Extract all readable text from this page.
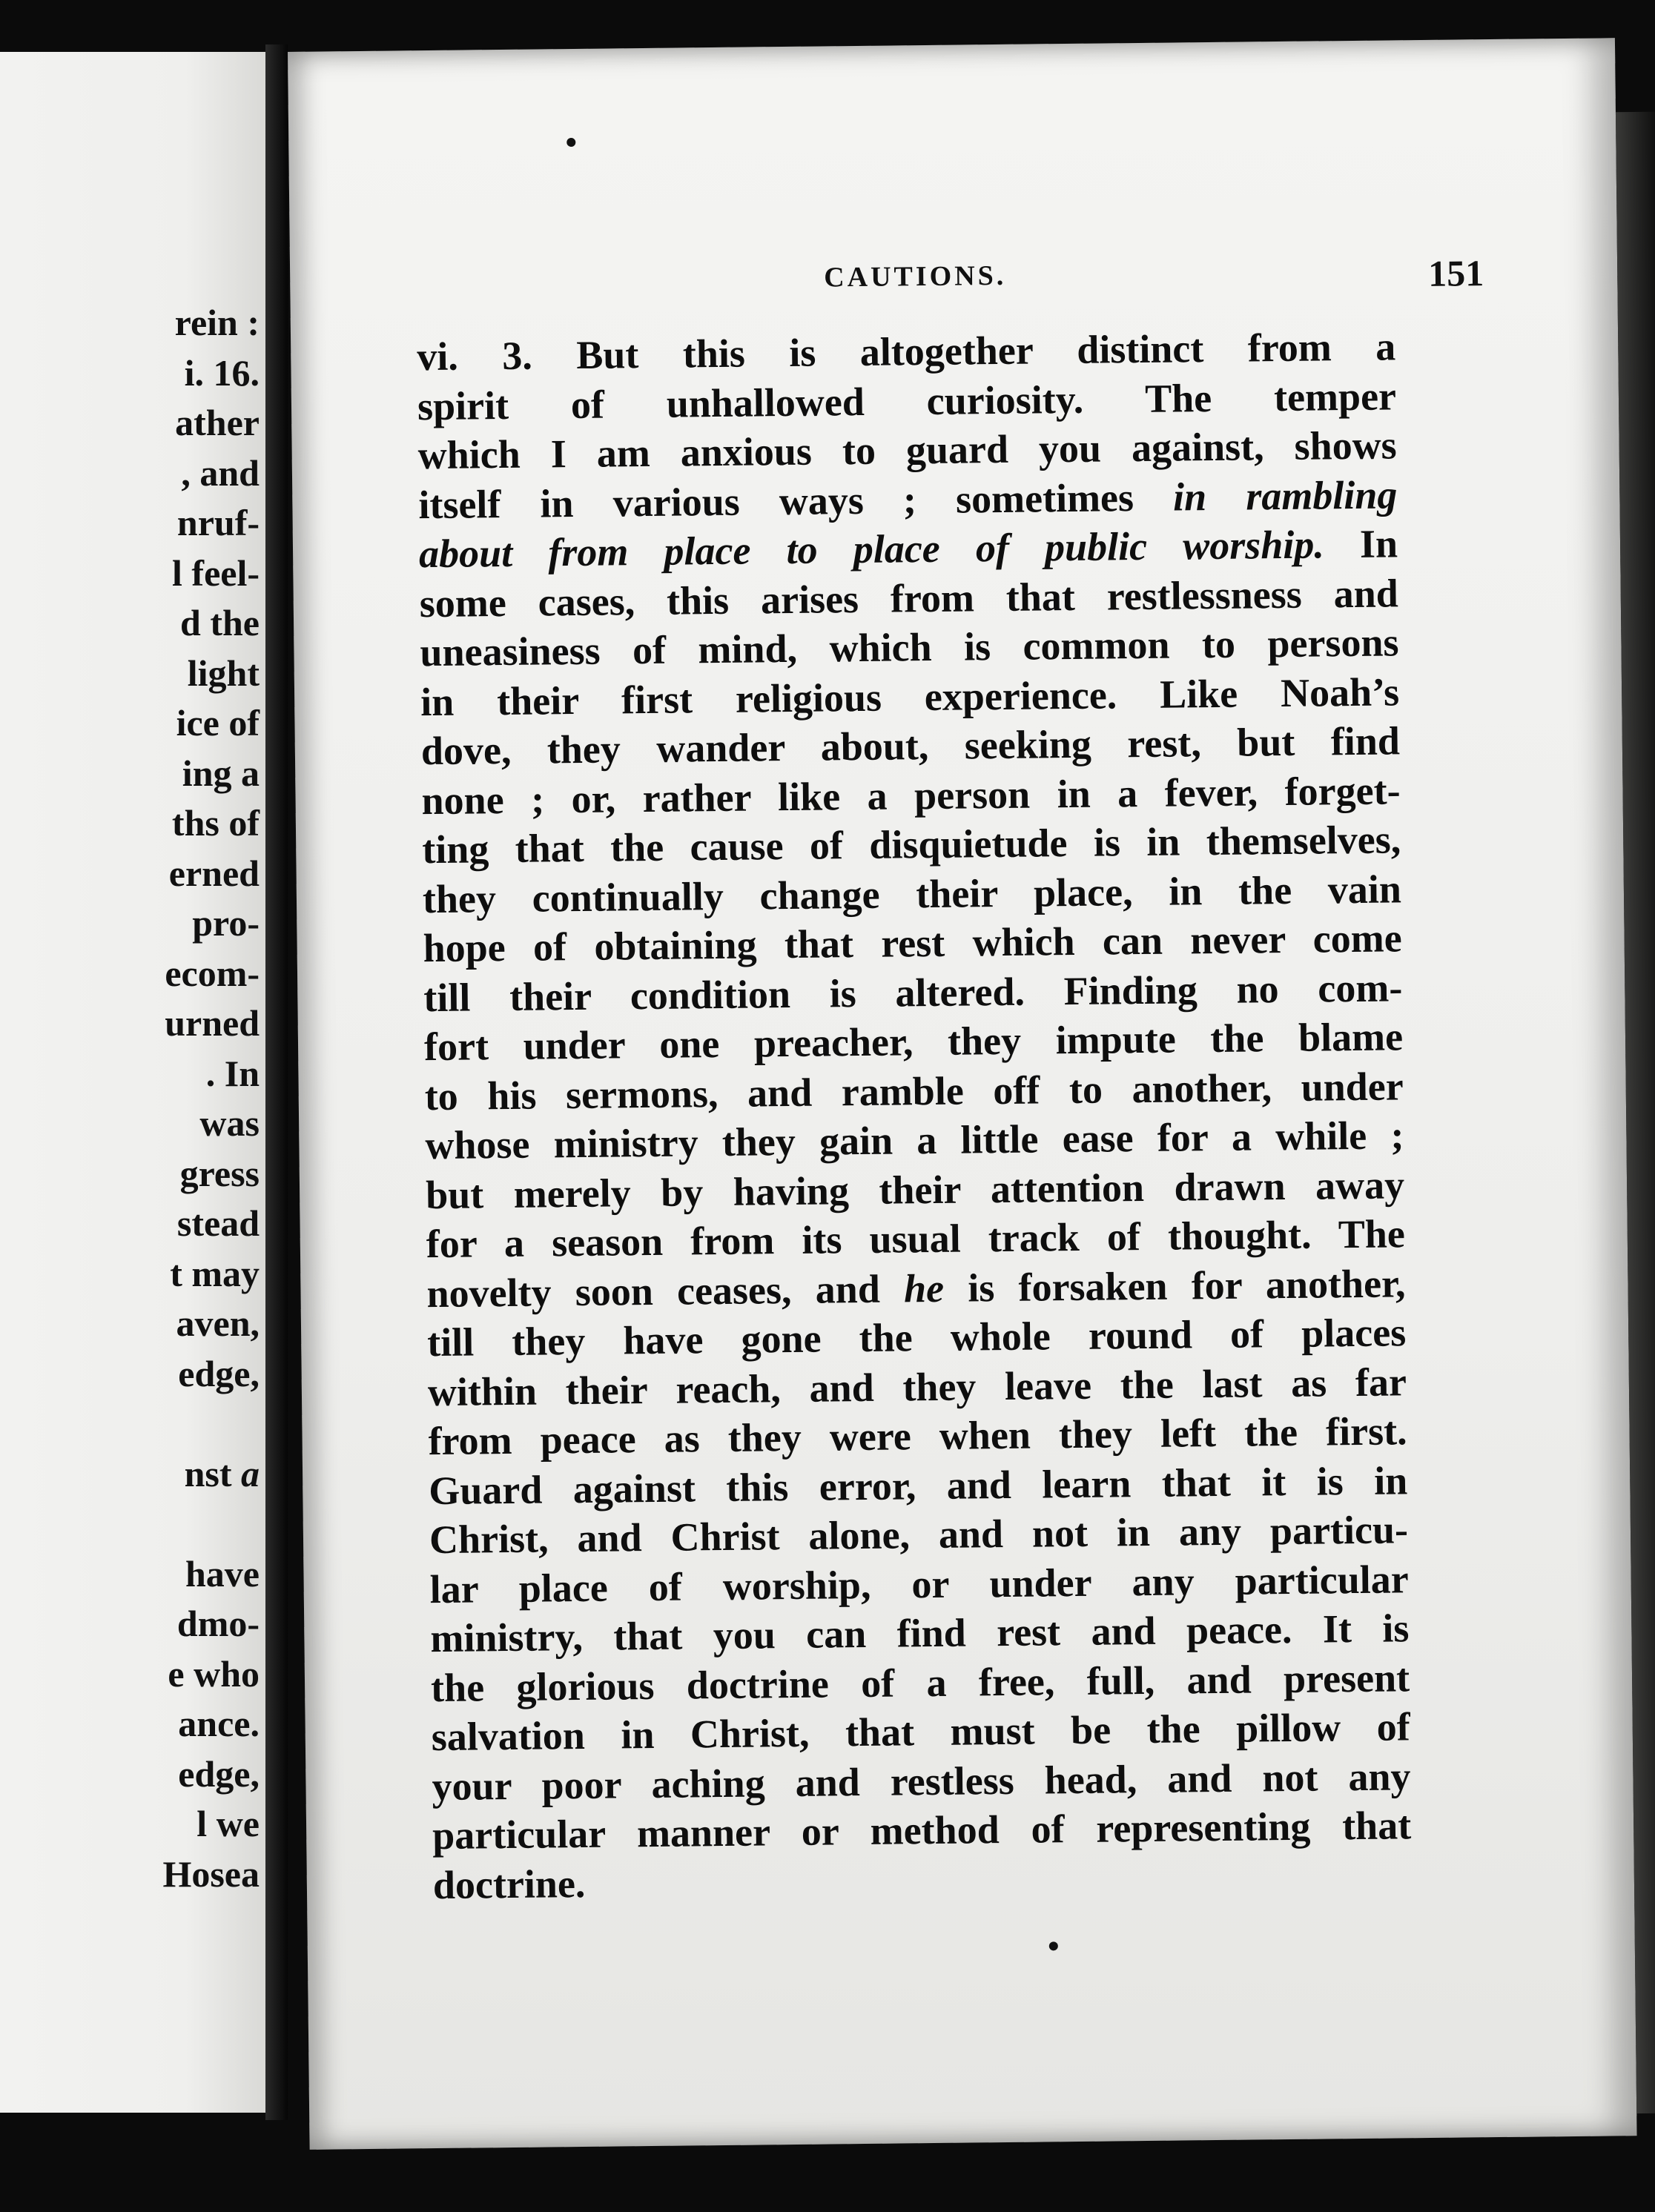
rein :
i. 16.
ather
, and
nruf-
l feel-
d the
light
ice of
ing a
ths of
erned
pro-
ecom-
urned
. In
was
gress
stead
t may
aven,
edge,
nst a
have
dmo-
e who
ance.
edge,
l we
Hosea
CAUTIONS.	151
vi. 3. But this is altogether distinct from a
spirit of unhallowed curiosity. The temper
which I am anxious to guard you against, shows
itself in various ways ; sometimes in rambling
about from place to place of public worship. In
some cases, this arises from that restlessness and
uneasiness of mind, which is common to persons
in their first religious experience. Like Noah’s
dove, they wander about, seeking rest, but find
none ; or, rather like a person in a fever, forget-
ting that the cause of disquietude is in themselves,
they continually change their place, in the vain
hope of obtaining that rest which can never come
till their condition is altered. Finding no com-
fort under one preacher, they impute the blame
to his sermons, and ramble off to another, under
whose ministry they gain a little ease for a while ;
but merely by having their attention drawn away
for a season from its usual track of thought. The
novelty soon ceases, and he is forsaken for another,
till they have gone the whole round of places
within their reach, and they leave the last as far
from peace as they were when they left the first.
Guard against this error, and learn that it is in
Christ, and Christ alone, and not in any particu-
lar place of worship, or under any particular
ministry, that you can find rest and peace. It is
the glorious doctrine of a free, full, and present
salvation in Christ, that must be the pillow of
your poor aching and restless head, and not any
particular manner or method of representing that
doctrine.
